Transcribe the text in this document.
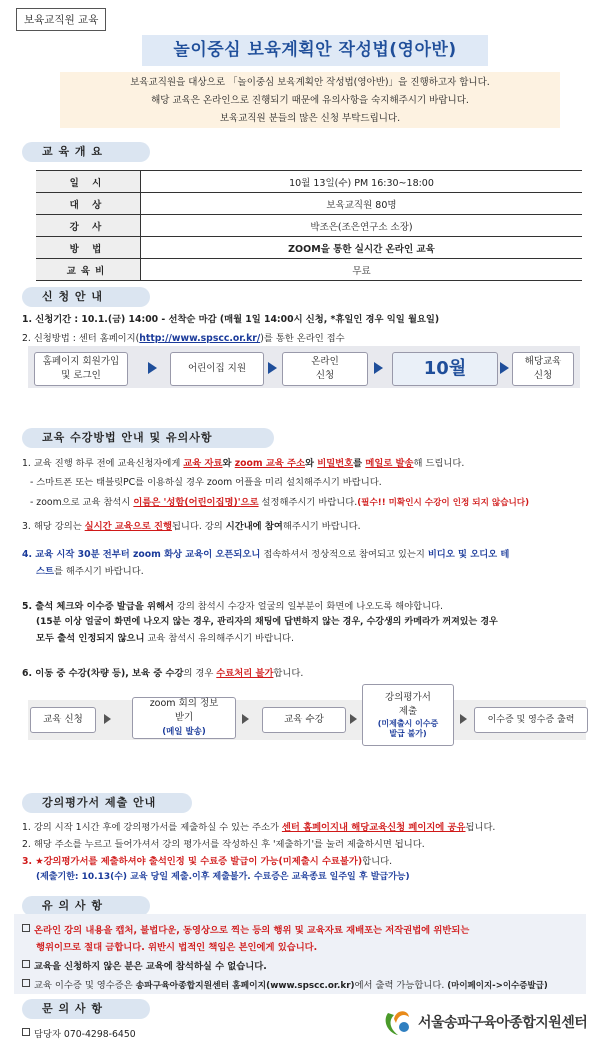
보육교직원 교육
놀이중심 보육계획안 작성법(영아반)
보육교직원을 대상으로 「놀이중심 보육계획안 작성법(영아반)」을 진행하고자 합니다.
해당 교육은 온라인으로 진행되기 때문에 유의사항을 숙지해주시기 바랍니다.
보육교직원 분들의 많은 신청 부탁드립니다.
교 육 개 요
일 시	10월 13일(수) PM 16:30~18:00
대 상	보육교직원 80명
강 사	박조은(조은연구소 소장)
방 법	ZOOM을 통한 실시간 온라인 교육
교육비	무료
신 청 안 내
1. 신청기간 : 10.1.(금) 14:00 - 선착순 마감 (매월 1일 14:00시 신청, *휴일인 경우 익일 월요일)
2. 신청방법 : 센터 홈페이지(http://www.spscc.or.kr/)를 통한 온라인 접수
홈페이지 회원가입
및 로그인
어린이집 지원
온라인
신청	10월	해당교육
신청
교육 수강방법 안내 및 유의사항
1. 교육 진행 하루 전에 교육신청자에게 교육 자료와 zoom 교육 주소와 비밀번호를 메일로 발송해 드립니다.
- 스마트폰 또는 태블릿PC를 이용하실 경우 zoom 어플을 미리 설치해주시기 바랍니다.
- zoom으로 교육 참석시 이름은 '성함(어린이집명)'으로 설정해주시기 바랍니다.(필수!! 미확인시 수강이 인정 되지 않습니다)
3. 해당 강의는 실시간 교육으로 진행됩니다. 강의 시간내에 참여해주시기 바랍니다.
4. 교육 시작 30분 전부터 zoom 화상 교육이 오픈되오니 접속하셔서 정상적으로 참여되고 있는지 비디오 및 오디오 테
스트를 해주시기 바랍니다.
5. 출석 체크와 이수증 발급을 위해서 강의 참석시 수강자 얼굴의 일부분이 화면에 나오도록 해야합니다.
(15분 이상 얼굴이 화면에 나오지 않는 경우, 관리자의 채팅에 답변하지 않는 경우, 수강생의 카메라가 꺼져있는 경우
모두 출석 인정되지 않으니 교육 참석시 유의해주시기 바랍니다.
6. 이동 중 수강(차량 등), 보육 중 수강의 경우 수료처리 불가합니다.
교육 신청
zoom 회의 정보
받기
(메일 발송)
교육 수강
강의평가서
제출
(미제출시 이수증
발급 불가)
이수증 및 영수증 출력
강의평가서 제출 안내
1. 강의 시작 1시간 후에 강의평가서를 제출하실 수 있는 주소가 센터 홈페이지내 해당교육신청 페이지에 공유됩니다.
2. 해당 주소를 누르고 들어가셔서 강의 평가서를 작성하신 후 '제출하기'를 눌러 제출하시면 됩니다.
3. ★강의평가서를 제출하셔야 출석인정 및 수료증 발급이 가능(미제출시 수료불가)합니다.
(제출기한: 10.13(수) 교육 당일 제출.이후 제출불가. 수료증은 교육종료 일주일 후 발급가능)
유 의 사 항
온라인 강의 내용을 캡처, 불법다운, 동영상으로 찍는 등의 행위 및 교육자료 재배포는 저작권법에 위반되는
행위이므로 절대 금합니다. 위반시 법적인 책임은 본인에게 있습니다.
교육을 신청하지 않은 분은 교육에 참석하실 수 없습니다.
교육 이수증 및 영수증은 송파구육아종합지원센터 홈페이지(www.spscc.or.kr)에서 출력 가능합니다. (마이페이지->이수증발급)
문 의 사 항
담당자 070-4298-6450
서울송파구육아종합지원센터
